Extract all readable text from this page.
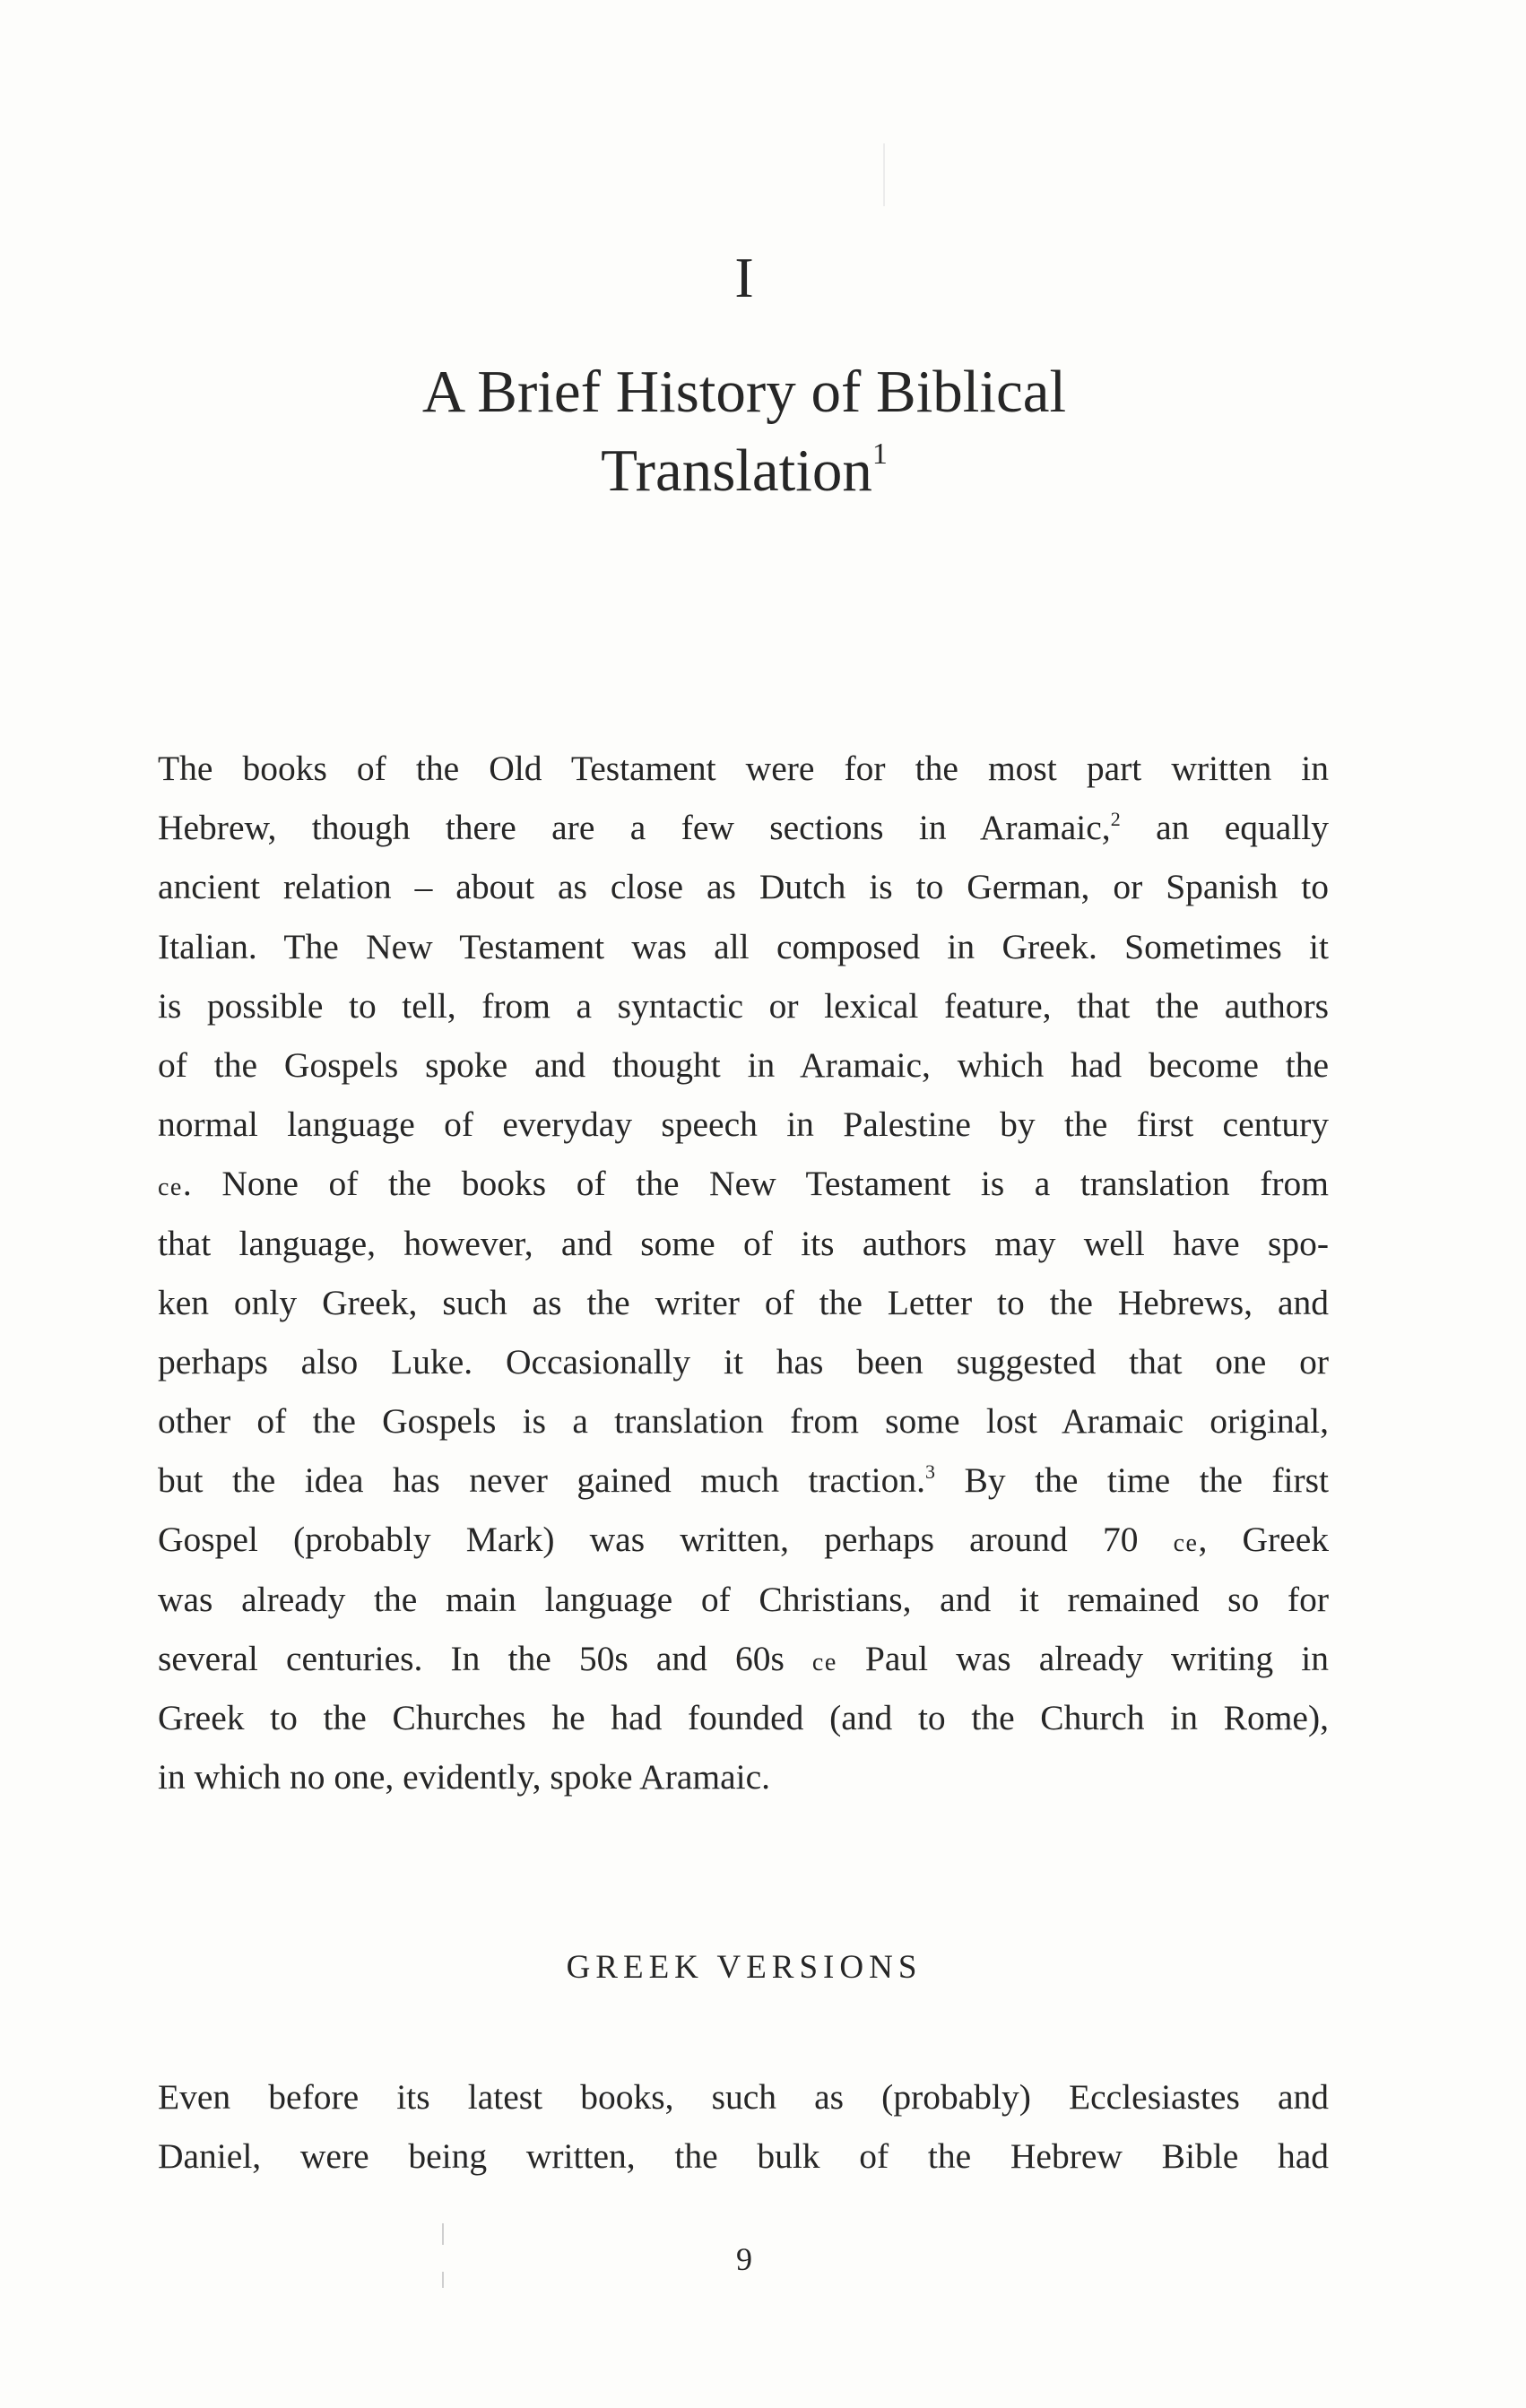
I
A Brief History of Biblical
Translation$^1$
The books of the Old Testament were for the most part written in
Hebrew, though there are a few sections in Aramaic,$^2$ an equally
ancient relation – about as close as Dutch is to German, or Spanish to
Italian. The New Testament was all composed in Greek. Sometimes it
is possible to tell, from a syntactic or lexical feature, that the authors
of the Gospels spoke and thought in Aramaic, which had become the
normal language of everyday speech in Palestine by the first century
ce. None of the books of the New Testament is a translation from
that language, however, and some of its authors may well have spo-
ken only Greek, such as the writer of the Letter to the Hebrews, and
perhaps also Luke. Occasionally it has been suggested that one or
other of the Gospels is a translation from some lost Aramaic original,
but the idea has never gained much traction.$^3$ By the time the first
Gospel (probably Mark) was written, perhaps around 70 ce, Greek
was already the main language of Christians, and it remained so for
several centuries. In the 50s and 60s ce Paul was already writing in
Greek to the Churches he had founded (and to the Church in Rome),
in which no one, evidently, spoke Aramaic.
GREEK VERSIONS
Even before its latest books, such as (probably) Ecclesiastes and
Daniel, were being written, the bulk of the Hebrew Bible had
9
